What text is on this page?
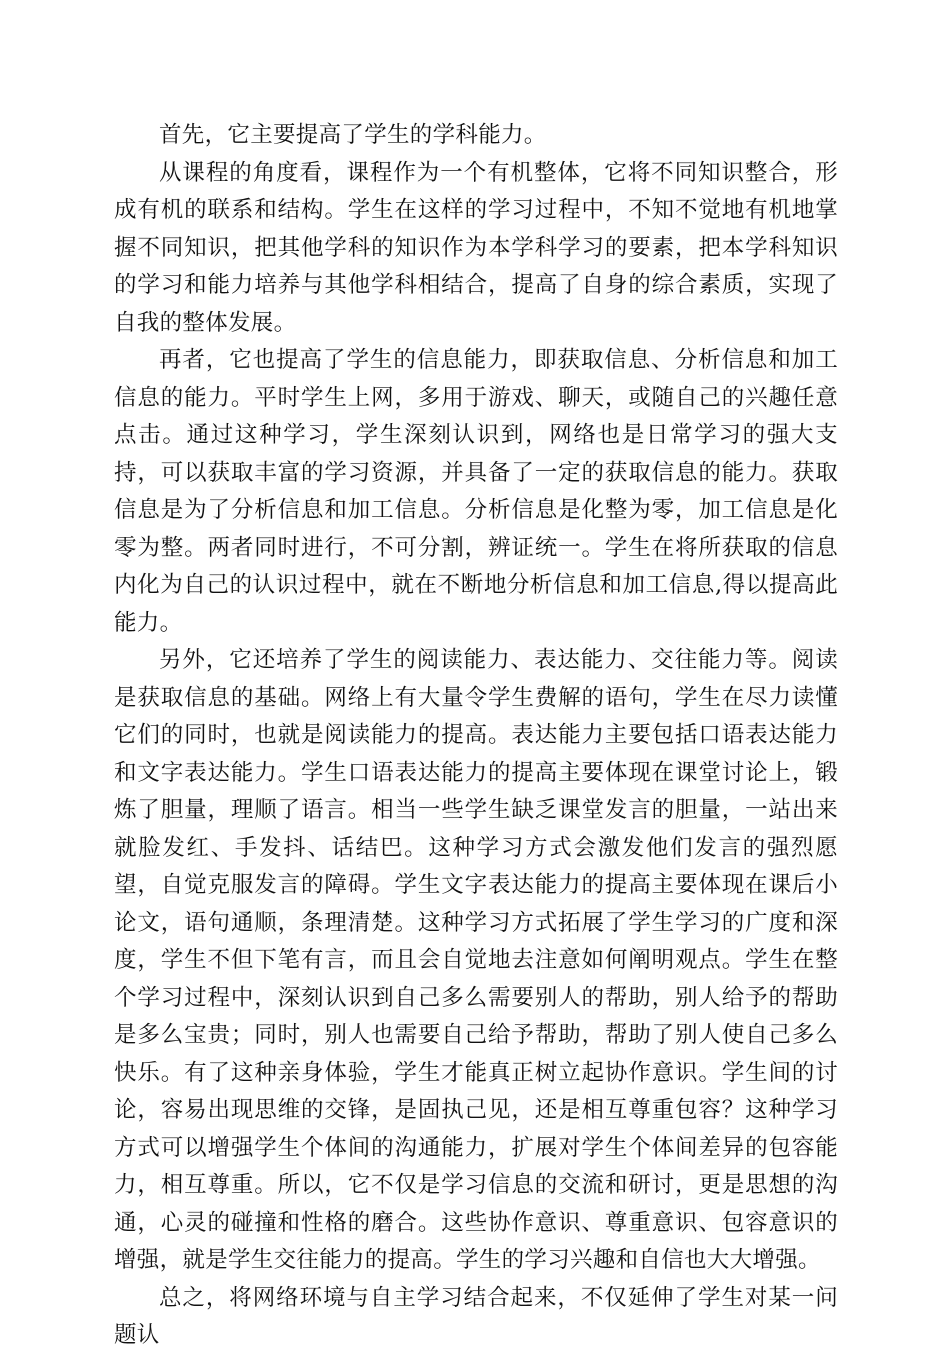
首先，它主要提高了学生的学科能力。

从课程的角度看，课程作为一个有机整体，它将不同知识整合，形成有机的联系和结构。学生在这样的学习过程中，不知不觉地有机地掌握不同知识，把其他学科的知识作为本学科学习的要素，把本学科知识的学习和能力培养与其他学科相结合，提高了自身的综合素质，实现了自我的整体发展。

再者，它也提高了学生的信息能力，即获取信息、分析信息和加工信息的能力。平时学生上网，多用于游戏、聊天，或随自己的兴趣任意点击。通过这种学习，学生深刻认识到，网络也是日常学习的强大支持，可以获取丰富的学习资源，并具备了一定的获取信息的能力。获取信息是为了分析信息和加工信息。分析信息是化整为零，加工信息是化零为整。两者同时进行，不可分割，辨证统一。学生在将所获取的信息内化为自己的认识过程中，就在不断地分析信息和加工信息,得以提高此能力。

另外，它还培养了学生的阅读能力、表达能力、交往能力等。阅读是获取信息的基础。网络上有大量令学生费解的语句，学生在尽力读懂它们的同时，也就是阅读能力的提高。表达能力主要包括口语表达能力和文字表达能力。学生口语表达能力的提高主要体现在课堂讨论上，锻炼了胆量，理顺了语言。相当一些学生缺乏课堂发言的胆量，一站出来就脸发红、手发抖、话结巴。这种学习方式会激发他们发言的强烈愿望，自觉克服发言的障碍。学生文字表达能力的提高主要体现在课后小论文，语句通顺，条理清楚。这种学习方式拓展了学生学习的广度和深度，学生不但下笔有言，而且会自觉地去注意如何阐明观点。学生在整个学习过程中，深刻认识到自己多么需要别人的帮助，别人给予的帮助是多么宝贵；同时，别人也需要自己给予帮助，帮助了别人使自己多么快乐。有了这种亲身体验，学生才能真正树立起协作意识。学生间的讨论，容易出现思维的交锋，是固执己见，还是相互尊重包容？这种学习方式可以增强学生个体间的沟通能力，扩展对学生个体间差异的包容能力，相互尊重。所以，它不仅是学习信息的交流和研讨，更是思想的沟通，心灵的碰撞和性格的磨合。这些协作意识、尊重意识、包容意识的增强，就是学生交往能力的提高。学生的学习兴趣和自信也大大增强。

总之，将网络环境与自主学习结合起来，不仅延伸了学生对某一问题认
